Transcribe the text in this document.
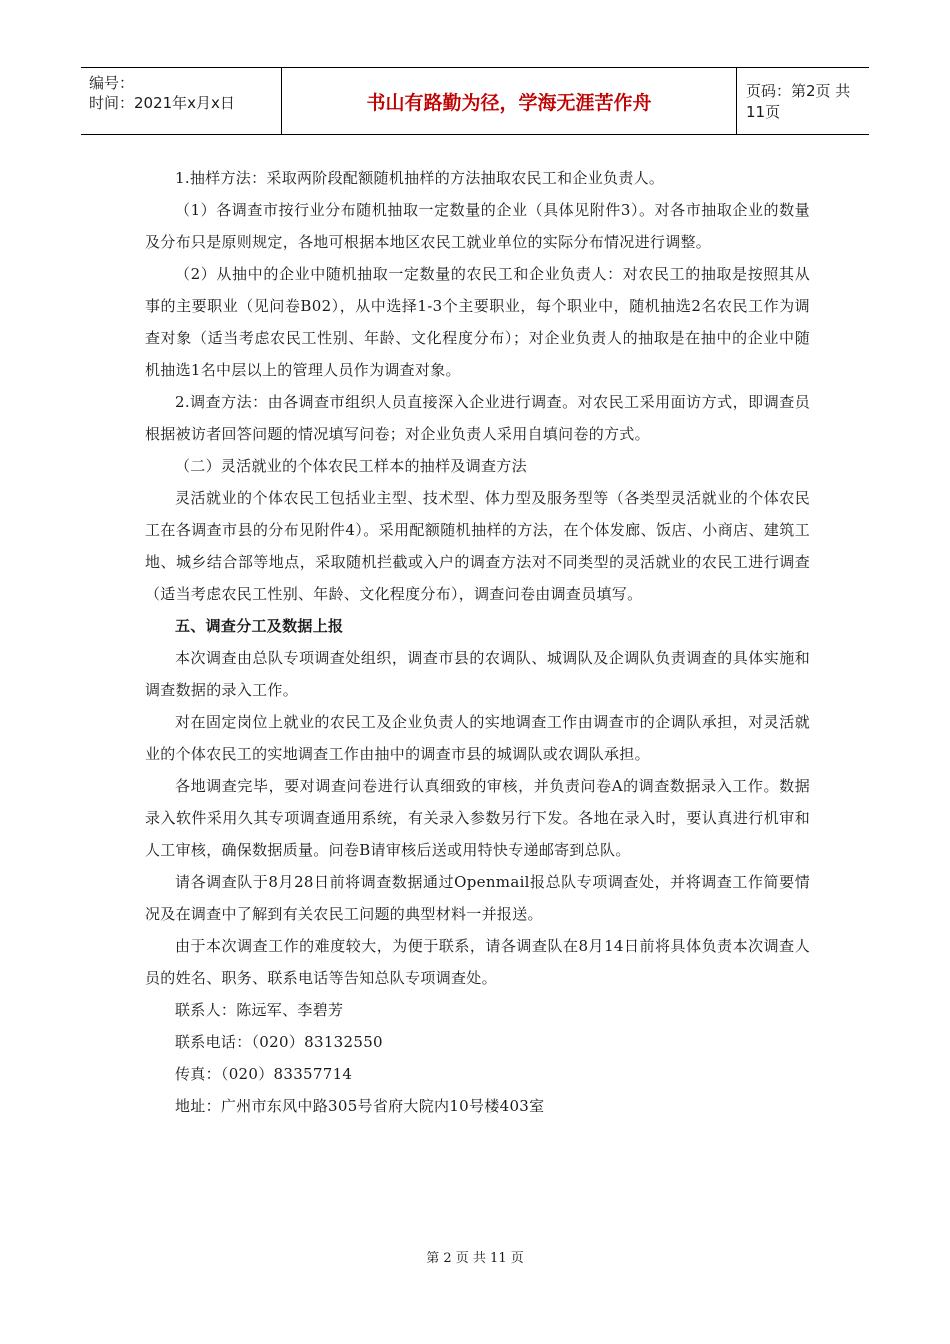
编号：
时间：2021年x月x日	书山有路勤为径，学海无涯苦作舟
页码：第2页 共11页

1.抽样方法：采取两阶段配额随机抽样的方法抽取农民工和企业负责人。

（1）各调查市按行业分布随机抽取一定数量的企业（具体见附件3）。对各市抽取企业的数量及分布只是原则规定，各地可根据本地区农民工就业单位的实际分布情况进行调整。

（2）从抽中的企业中随机抽取一定数量的农民工和企业负责人：对农民工的抽取是按照其从事的主要职业（见问卷B02），从中选择1-3个主要职业，每个职业中，随机抽选2名农民工作为调查对象（适当考虑农民工性别、年龄、文化程度分布）；对企业负责人的抽取是在抽中的企业中随机抽选1名中层以上的管理人员作为调查对象。

2.调查方法：由各调查市组织人员直接深入企业进行调查。对农民工采用面访方式，即调查员根据被访者回答问题的情况填写问卷；对企业负责人采用自填问卷的方式。

（二）灵活就业的个体农民工样本的抽样及调查方法

灵活就业的个体农民工包括业主型、技术型、体力型及服务型等（各类型灵活就业的个体农民工在各调查市县的分布见附件4）。采用配额随机抽样的方法，在个体发廊、饭店、小商店、建筑工地、城乡结合部等地点，采取随机拦截或入户的调查方法对不同类型的灵活就业的农民工进行调查（适当考虑农民工性别、年龄、文化程度分布），调查问卷由调查员填写。

五、调查分工及数据上报

本次调查由总队专项调查处组织，调查市县的农调队、城调队及企调队负责调查的具体实施和调查数据的录入工作。

对在固定岗位上就业的农民工及企业负责人的实地调查工作由调查市的企调队承担，对灵活就业的个体农民工的实地调查工作由抽中的调查市县的城调队或农调队承担。

各地调查完毕，要对调查问卷进行认真细致的审核，并负责问卷A的调查数据录入工作。数据录入软件采用久其专项调查通用系统，有关录入参数另行下发。各地在录入时，要认真进行机审和人工审核，确保数据质量。问卷B请审核后送或用特快专递邮寄到总队。

请各调查队于8月28日前将调查数据通过Openmail报总队专项调查处，并将调查工作简要情况及在调查中了解到有关农民工问题的典型材料一并报送。

由于本次调查工作的难度较大，为便于联系，请各调查队在8月14日前将具体负责本次调查人员的姓名、职务、联系电话等告知总队专项调查处。

联系人：陈远军、李碧芳

联系电话：（020）83132550

传真：（020）83357714

地址：广州市东风中路305号省府大院内10号楼403室

第 2 页 共 11 页
